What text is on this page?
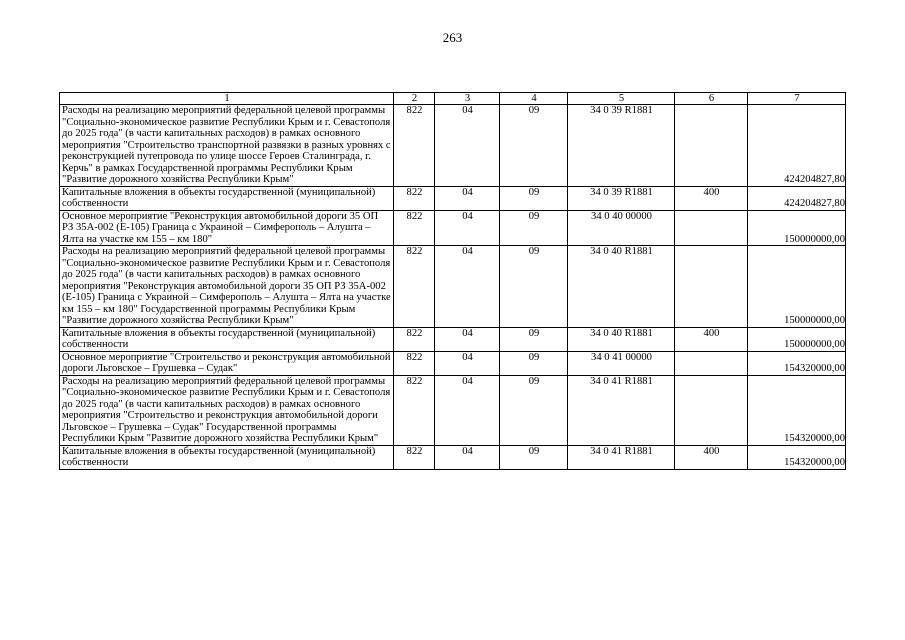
263
1	2	3	4	5	6	7
Расходы на реализацию мероприятий федеральной целевой программы "Социально-экономическое развитие Республики Крым и г. Севастополя до 2025 года" (в части капитальных расходов) в рамках основного мероприятия "Строительство транспортной развязки в разных уровнях с реконструкцией путепровода по улице шоссе Героев Сталинграда, г. Керчь" в рамках Государственной программы Республики Крым "Развитие дорожного хозяйства Республики Крым"	822	04	09	34 0 39 R1881		424204827,80
Капитальные вложения в объекты государственной (муниципальной) собственности	822	04	09	34 0 39 R1881	400	424204827,80
Основное мероприятие "Реконструкция автомобильной дороги 35 ОП РЗ 35А-002 (Е-105) Граница с Украиной – Симферополь – Алушта – Ялта на участке км 155 – км 180"	822	04	09	34 0 40 00000		150000000,00
Расходы на реализацию мероприятий федеральной целевой программы "Социально-экономическое развитие Республики Крым и г. Севастополя до 2025 года" (в части капитальных расходов) в рамках основного мероприятия "Реконструкция автомобильной дороги 35 ОП РЗ 35А-002 (Е-105) Граница с Украиной – Симферополь – Алушта – Ялта на участке км 155 – км 180" Государственной программы Республики Крым "Развитие дорожного хозяйства Республики Крым"	822	04	09	34 0 40 R1881		150000000,00
Капитальные вложения в объекты государственной (муниципальной) собственности	822	04	09	34 0 40 R1881	400	150000000,00
Основное мероприятие "Строительство и реконструкция автомобильной дороги Льговское – Грушевка – Судак"	822	04	09	34 0 41 00000		154320000,00
Расходы на реализацию мероприятий федеральной целевой программы "Социально-экономическое развитие Республики Крым и г. Севастополя до 2025 года" (в части капитальных расходов) в рамках основного мероприятия "Строительство и реконструкция автомобильной дороги Льговское – Грушевка – Судак" Государственной программы Республики Крым "Развитие дорожного хозяйства Республики Крым"	822	04	09	34 0 41 R1881		154320000,00
Капитальные вложения в объекты государственной (муниципальной) собственности	822	04	09	34 0 41 R1881	400	154320000,00
